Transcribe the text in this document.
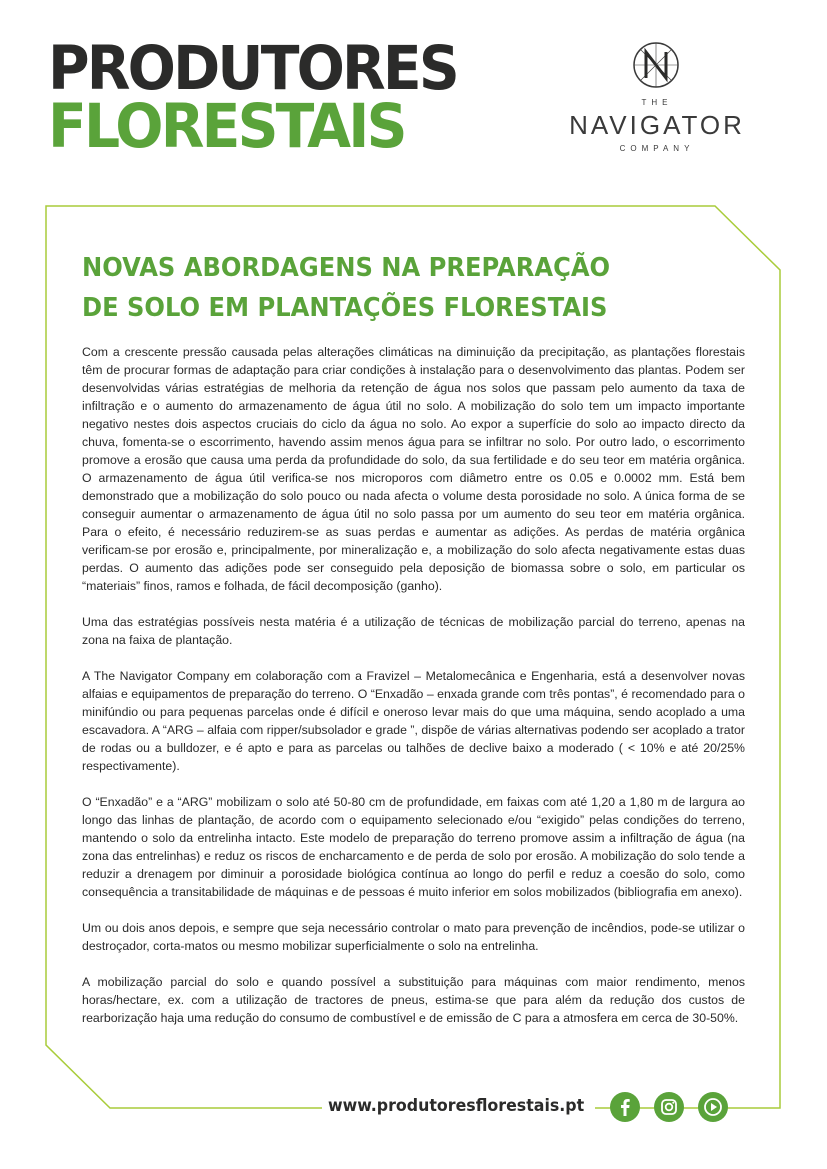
PRODUTORES
FLORESTAIS	THE
NAVIGATOR
COMPANY
NOVAS ABORDAGENS NA PREPARAÇÃO
DE SOLO EM PLANTAÇÕES FLORESTAIS

Com a crescente pressão causada pelas alterações climáticas na diminuição da precipitação, as plantações florestais têm de procurar formas de adaptação para criar condições à instalação para o desenvolvimento das plantas. Podem ser desenvolvidas várias estratégias de melhoria da retenção de água nos solos que passam pelo aumento da taxa de infiltração e o aumento do armazenamento de água útil no solo. A mobilização do solo tem um impacto importante negativo nestes dois aspectos cruciais do ciclo da água no solo. Ao expor a superfície do solo ao impacto directo da chuva, fomenta-se o escorrimento, havendo assim menos água para se infiltrar no solo. Por outro lado, o escorrimento promove a erosão que causa uma perda da profundidade do solo, da sua fertilidade e do seu teor em matéria orgânica. O armazenamento de água útil verifica-se nos microporos com diâmetro entre os 0.05 e 0.0002 mm. Está bem demonstrado que a mobilização do solo pouco ou nada afecta o volume desta porosidade no solo. A única forma de se conseguir aumentar o armazenamento de água útil no solo passa por um aumento do seu teor em matéria orgânica. Para o efeito, é necessário reduzirem-se as suas perdas e aumentar as adições. As perdas de matéria orgânica verificam-se por erosão e, principalmente, por mineralização e, a mobilização do solo afecta negativamente estas duas perdas. O aumento das adições pode ser conseguido pela deposição de biomassa sobre o solo, em particular os “materiais” finos, ramos e folhada, de fácil decomposição (ganho).

Uma das estratégias possíveis nesta matéria é a utilização de técnicas de mobilização parcial do terreno, apenas na zona na faixa de plantação.

A The Navigator Company em colaboração com a Fravizel – Metalomecânica e Engenharia, está a desenvolver novas alfaias e equipamentos de preparação do terreno. O “Enxadão – enxada grande com três pontas”, é recomendado para o minifúndio ou para pequenas parcelas onde é difícil e oneroso levar mais do que uma máquina, sendo acoplado a uma escavadora. A “ARG – alfaia com ripper/subsolador e grade ”, dispõe de várias alternativas podendo ser acoplado a trator de rodas ou a bulldozer, e é apto e para as parcelas ou talhões de declive baixo a moderado ( < 10% e até 20/25% respectivamente).

O “Enxadão” e a “ARG” mobilizam o solo até 50-80 cm de profundidade, em faixas com até 1,20 a 1,80 m de largura ao longo das linhas de plantação, de acordo com o equipamento selecionado e/ou “exigido” pelas condições do terreno, mantendo o solo da entrelinha intacto. Este modelo de preparação do terreno promove assim a infiltração de água (na zona das entrelinhas) e reduz os riscos de encharcamento e de perda de solo por erosão. A mobilização do solo tende a reduzir a drenagem por diminuir a porosidade biológica contínua ao longo do perfil e reduz a coesão do solo, como consequência a transitabilidade de máquinas e de pessoas é muito inferior em solos mobilizados (bibliografia em anexo).

Um ou dois anos depois, e sempre que seja necessário controlar o mato para prevenção de incêndios, pode-se utilizar o destroçador, corta-matos ou mesmo mobilizar superficialmente o solo na entrelinha.

A mobilização parcial do solo e quando possível a substituição para máquinas com maior rendimento, menos horas/hectare, ex. com a utilização de tractores de pneus, estima-se que para além da redução dos custos de rearborização haja uma redução do consumo de combustível e de emissão de C para a atmosfera em cerca de 30-50%.

www.produtoresflorestais.pt
